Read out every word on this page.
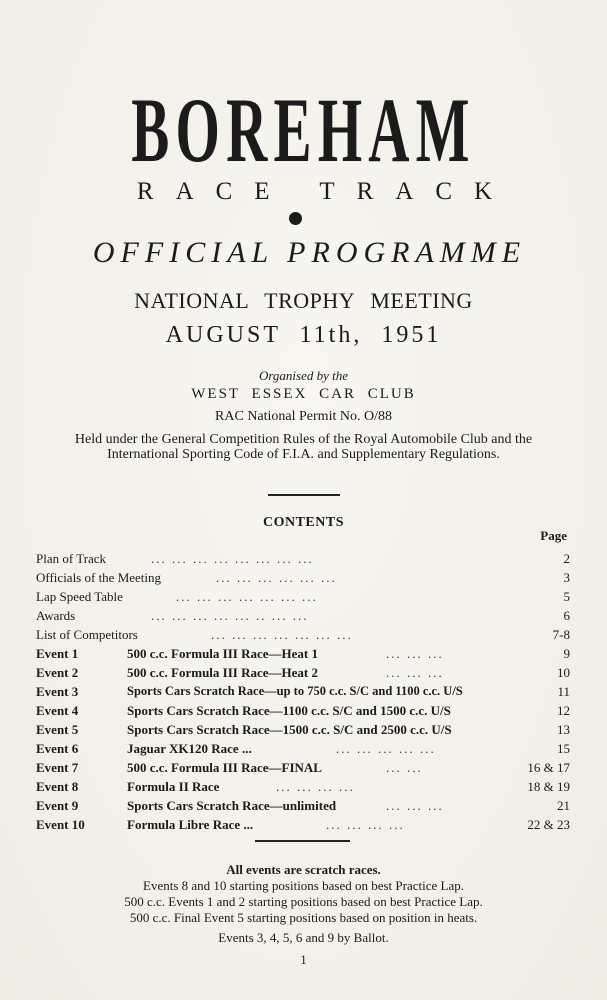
BOREHAM
RACE TRACK
OFFICIAL PROGRAMME
NATIONAL TROPHY MEETING
AUGUST 11th, 1951
Organised by the
WEST ESSEX CAR CLUB
RAC National Permit No. O/88
Held under the General Competition Rules of the Royal Automobile Club and the International Sporting Code of F.I.A. and Supplementary Regulations.
CONTENTS
Page
Plan of Track	... ... ... ... ... ... ... ...	2
Officials of the Meeting	... ... ... ... ... ...	3
Lap Speed Table	... ... ... ... ... ... ...	5
Awards	... ... ... ... ... .. ... ...	6
List of Competitors	... ... ... ... ... ... ...	7-8
Event 1	500 c.c. Formula III Race—Heat 1	... ... ...	9
Event 2	500 c.c. Formula III Race—Heat 2	... ... ...	10
Event 3	Sports Cars Scratch Race—up to 750 c.c. S/C and 1100 c.c. U/S	11
Event 4	Sports Cars Scratch Race—1100 c.c. S/C and 1500 c.c. U/S	12
Event 5	Sports Cars Scratch Race—1500 c.c. S/C and 2500 c.c. U/S	13
Event 6	Jaguar XK120 Race ...	... ... ... ... ...	15
Event 7	500 c.c. Formula III Race—FINAL	... ...	16 & 17
Event 8	Formula II Race	... ... ... ...	18 & 19
Event 9	Sports Cars Scratch Race—unlimited	... ... ...	21
Event 10	Formula Libre Race ...	... ... ... ...	22 & 23
All events are scratch races.
Events 8 and 10 starting positions based on best Practice Lap.
500 c.c. Events 1 and 2 starting positions based on best Practice Lap.
500 c.c. Final Event 5 starting positions based on position in heats.
Events 3, 4, 5, 6 and 9 by Ballot.
1
